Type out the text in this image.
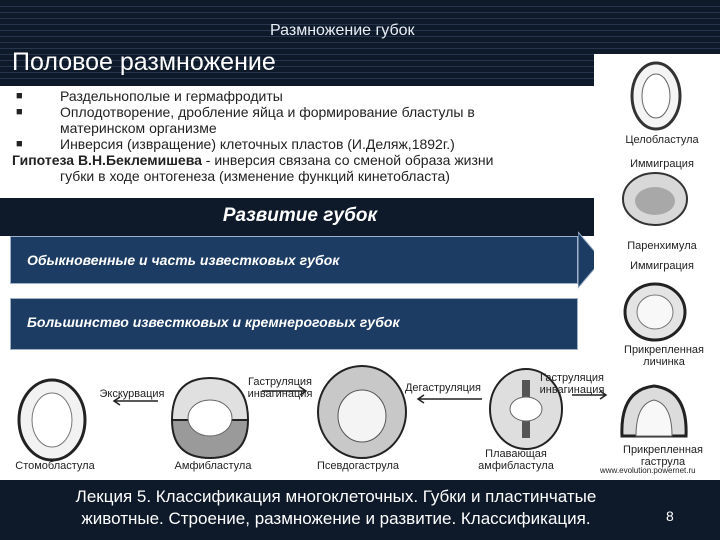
Размножение губок
Половое размножение
■	Раздельнополые и гермафродиты
■	Оплодотворение, дробление яйца и формирование бластулы в
материнском организме
■	Инверсия (извращение) клеточных пластов (И.Деляж,1892г.)
Гипотеза В.Н.Беклемишева - инверсия связана со сменой образа жизни
губки в ходе онтогенеза (изменение функций кинетобласта)
Развитие губок
Обыкновенные и часть известковых губок
Большинство известковых и кремнероговых губок
Целобластула
Иммиграция
Паренхимула
Иммиграция
Прикрепленная личинка
Прикрепленная гаструла
www.evolution.powernet.ru
Экскурвация
Стомобластула
Гаструляция инвагинация
Амфибластула
Дегаструляция
Псевдогаструла
Гаструляция инвагинация
Плавающая амфибластула
Лекция 5. Классификация многоклеточных. Губки и пластинчатые
животные. Строение, размножение и развитие. Классификация.	8
